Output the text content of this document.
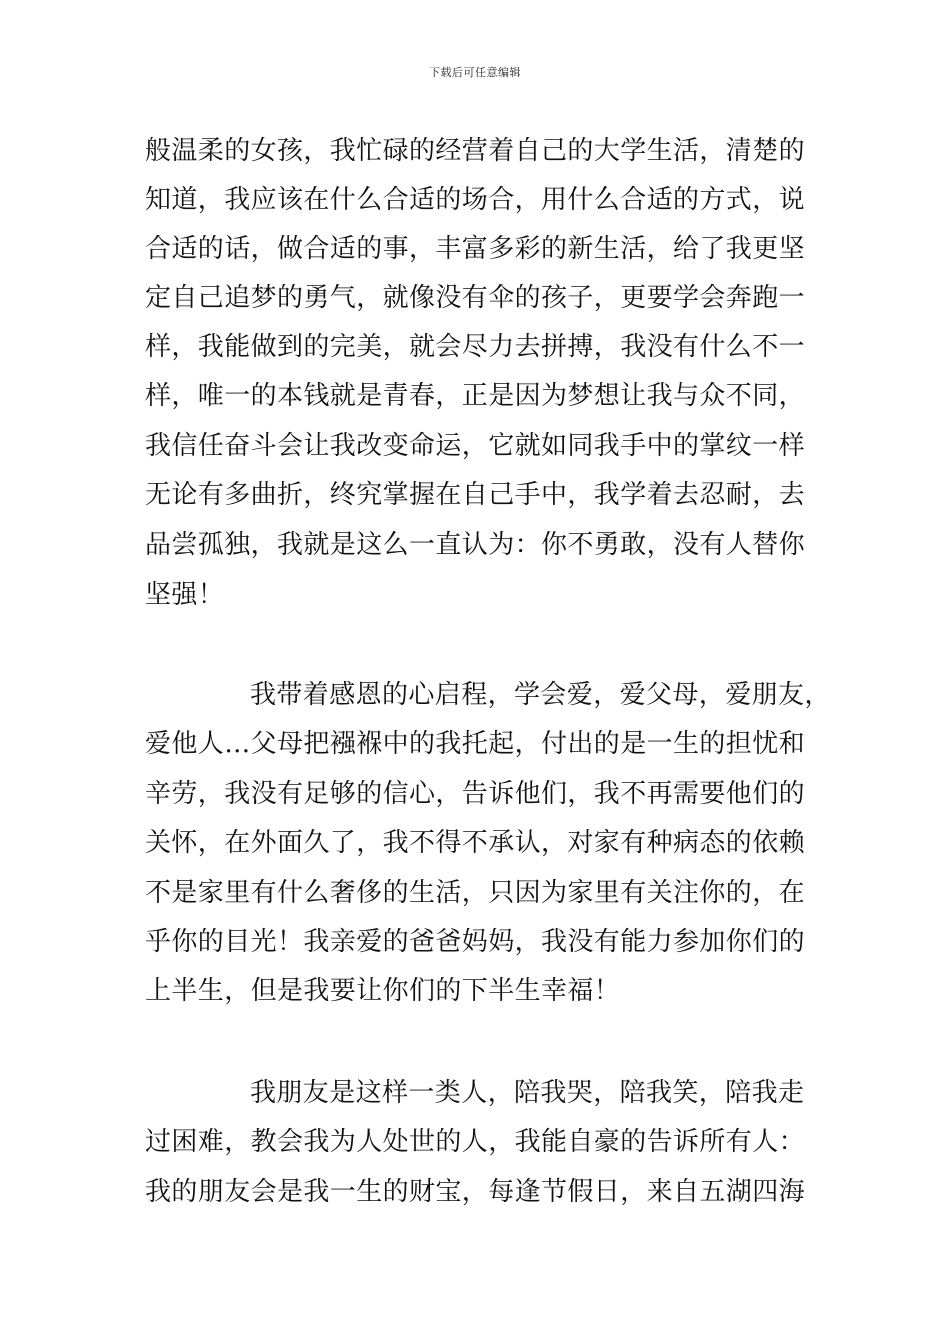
下载后可任意编辑
般温柔的女孩，我忙碌的经营着自己的大学生活，清楚的
知道，我应该在什么合适的场合，用什么合适的方式，说
合适的话，做合适的事，丰富多彩的新生活，给了我更坚
定自己追梦的勇气，就像没有伞的孩子，更要学会奔跑一
样，我能做到的完美，就会尽力去拼搏，我没有什么不一
样，唯一的本钱就是青春，正是因为梦想让我与众不同，
我信任奋斗会让我改变命运，它就如同我手中的掌纹一样
无论有多曲折，终究掌握在自己手中，我学着去忍耐，去
品尝孤独，我就是这么一直认为：你不勇敢，没有人替你
坚强！
我带着感恩的心启程，学会爱，爱父母，爱朋友，
爱他人…父母把襁褓中的我托起，付出的是一生的担忧和
辛劳，我没有足够的信心，告诉他们，我不再需要他们的
关怀，在外面久了，我不得不承认，对家有种病态的依赖
不是家里有什么奢侈的生活，只因为家里有关注你的，在
乎你的目光！我亲爱的爸爸妈妈，我没有能力参加你们的
上半生，但是我要让你们的下半生幸福！
我朋友是这样一类人，陪我哭，陪我笑，陪我走
过困难，教会我为人处世的人，我能自豪的告诉所有人：
我的朋友会是我一生的财宝，每逢节假日，来自五湖四海
